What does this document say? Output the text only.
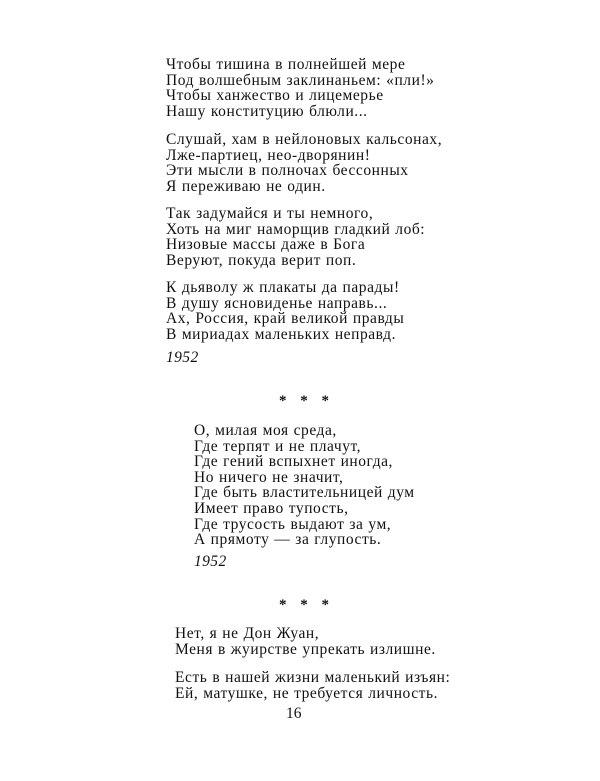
Чтобы тишина в полнейшей мере
Под волшебным заклинаньем: «пли!»
Чтобы ханжество и лицемерье
Нашу конституцию блюли...
Слушай, хам в нейлоновых кальсонах,
Лже-партиец, нео-дворянин!
Эти мысли в полночах бессонных
Я переживаю не один.
Так задумайся и ты немного,
Хоть на миг наморщив гладкий лоб:
Низовые массы даже в Бога
Веруют, покуда верит поп.
К дьяволу ж плакаты да парады!
В душу ясновиденье направь...
Ах, Россия, край великой правды
В мириадах маленьких неправд.
1952
* * *
О, милая моя среда,
Где терпят и не плачут,
Где гений вспыхнет иногда,
Но ничего не значит,
Где быть властительницей дум
Имеет право тупость,
Где трусость выдают за ум,
А прямоту — за глупость.
1952
* * *
Нет, я не Дон Жуан,
Меня в жуирстве упрекать излишне.
Есть в нашей жизни маленький изъян:
Ей, матушке, не требуется личность.
16
